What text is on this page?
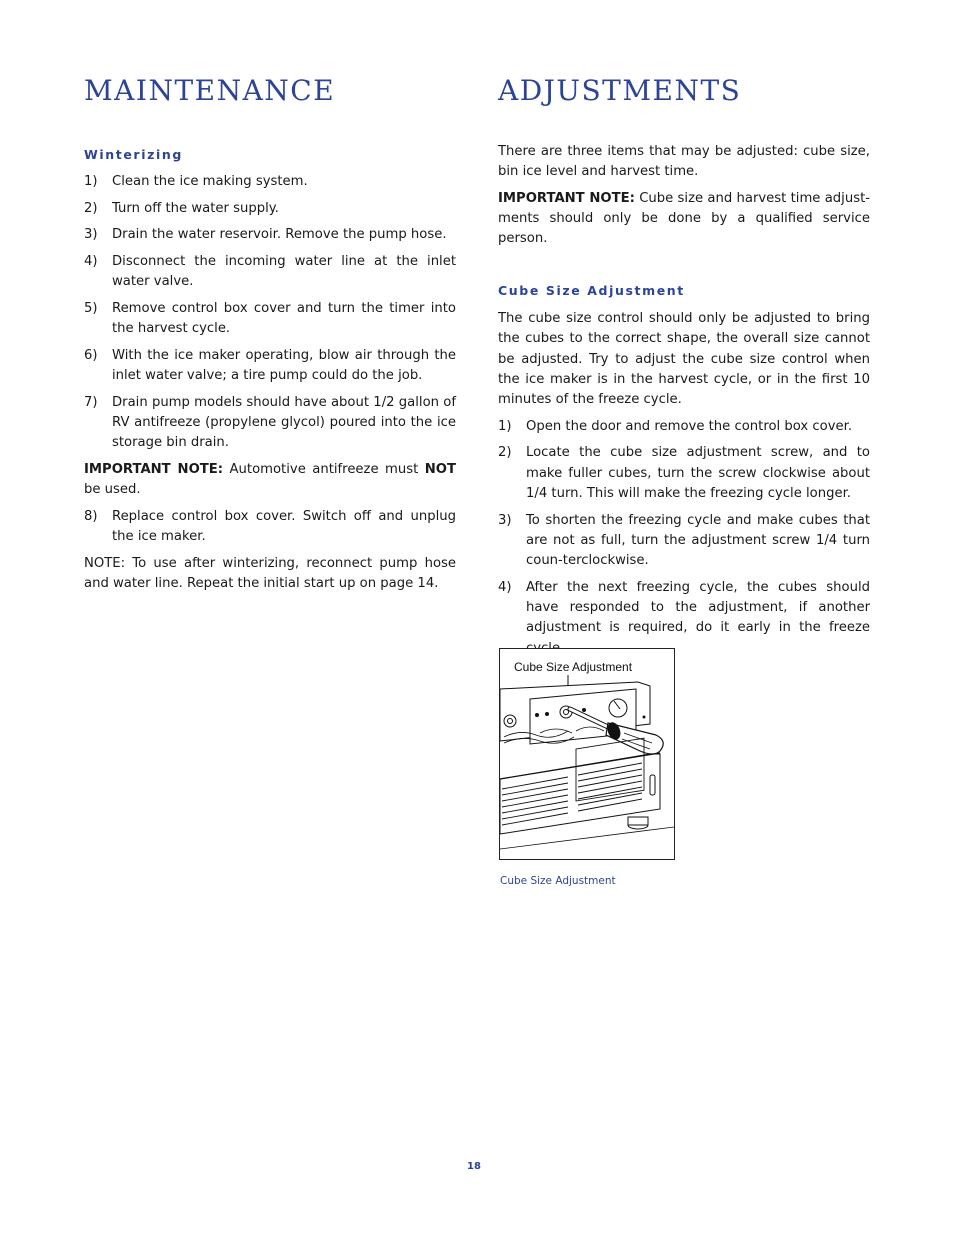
MAINTENANCE
Winterizing
1) Clean the ice making system.
2) Turn off the water supply.
3) Drain the water reservoir. Remove the pump hose.
4) Disconnect the incoming water line at the inlet water valve.
5) Remove control box cover and turn the timer into the harvest cycle.
6) With the ice maker operating, blow air through the inlet water valve; a tire pump could do the job.
7) Drain pump models should have about 1/2 gallon of RV antifreeze (propylene glycol) poured into the ice storage bin drain.

IMPORTANT NOTE: Automotive antifreeze must NOT be used.

8) Replace control box cover. Switch off and unplug the ice maker.

NOTE: To use after winterizing, reconnect pump hose and water line. Repeat the initial start up on page 14.

ADJUSTMENTS

There are three items that may be adjusted: cube size, bin ice level and harvest time.

IMPORTANT NOTE: Cube size and harvest time adjust-ments should only be done by a qualified service person.

Cube Size Adjustment

The cube size control should only be adjusted to bring the cubes to the correct shape, the overall size cannot be adjusted. Try to adjust the cube size control when the ice maker is in the harvest cycle, or in the first 10 minutes of the freeze cycle.

1) Open the door and remove the control box cover.
2) Locate the cube size adjustment screw, and to make fuller cubes, turn the screw clockwise about 1/4 turn. This will make the freezing cycle longer.
3) To shorten the freezing cycle and make cubes that are not as full, turn the adjustment screw 1/4 turn coun-terclockwise.
4) After the next freezing cycle, the cubes should have responded to the adjustment, if another adjustment is required, do it early in the freeze
Cube Size Adjustment
Cube Size Adjustment
18
